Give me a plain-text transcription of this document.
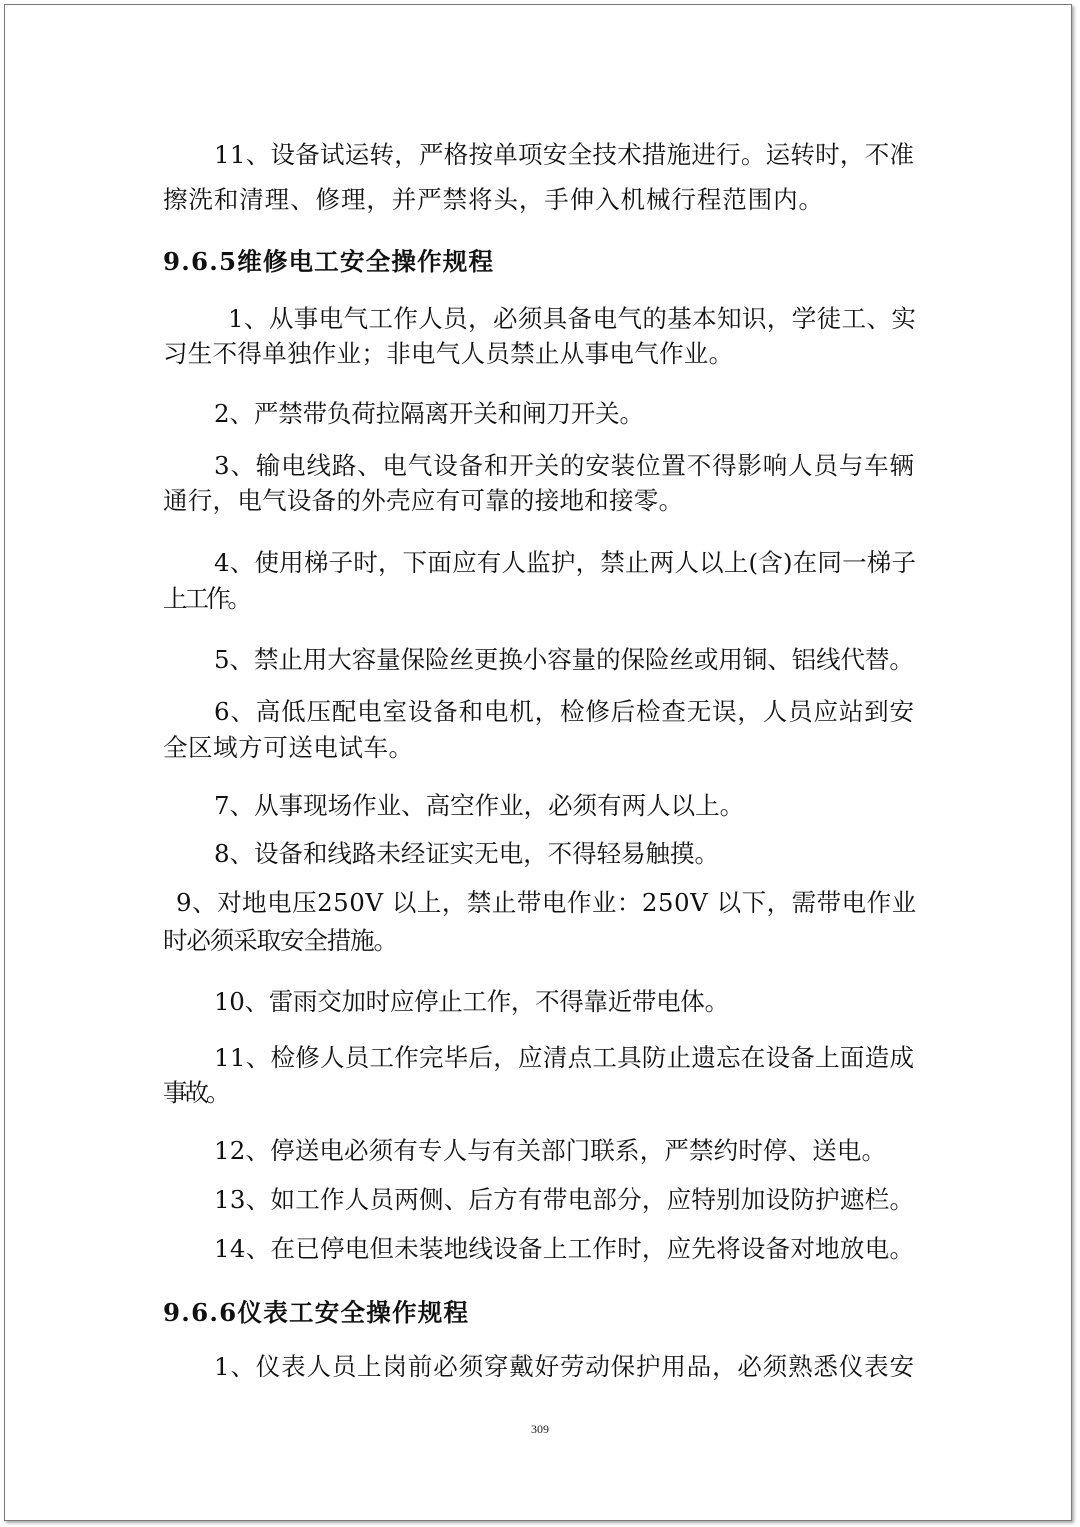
11、设备试运转，严格按单项安全技术措施进行。运转时，不准
擦洗和清理、修理，并严禁将头，手伸入机械行程范围内。
9.6.5维修电工安全操作规程
1、从事电气工作人员，必须具备电气的基本知识，学徒工、实
习生不得单独作业；非电气人员禁止从事电气作业。
2、严禁带负荷拉隔离开关和闸刀开关。
3、输电线路、电气设备和开关的安装位置不得影响人员与车辆
通行，电气设备的外壳应有可靠的接地和接零。
4、使用梯子时，下面应有人监护，禁止两人以上(含)在同一梯子
上工作。
5、禁止用大容量保险丝更换小容量的保险丝或用铜、铝线代替。
6、高低压配电室设备和电机，检修后检查无误，人员应站到安
全区域方可送电试车。
7、从事现场作业、高空作业，必须有两人以上。
8、设备和线路未经证实无电，不得轻易触摸。
9、对地电压250V 以上，禁止带电作业：250V 以下，需带电作业
时必须采取安全措施。
10、雷雨交加时应停止工作，不得靠近带电体。
11、检修人员工作完毕后，应清点工具防止遗忘在设备上面造成
事故。
12、停送电必须有专人与有关部门联系，严禁约时停、送电。
13、如工作人员两侧、后方有带电部分，应特别加设防护遮栏。
14、在已停电但未装地线设备上工作时，应先将设备对地放电。
9.6.6仪表工安全操作规程
1、仪表人员上岗前必须穿戴好劳动保护用品，必须熟悉仪表安
309
